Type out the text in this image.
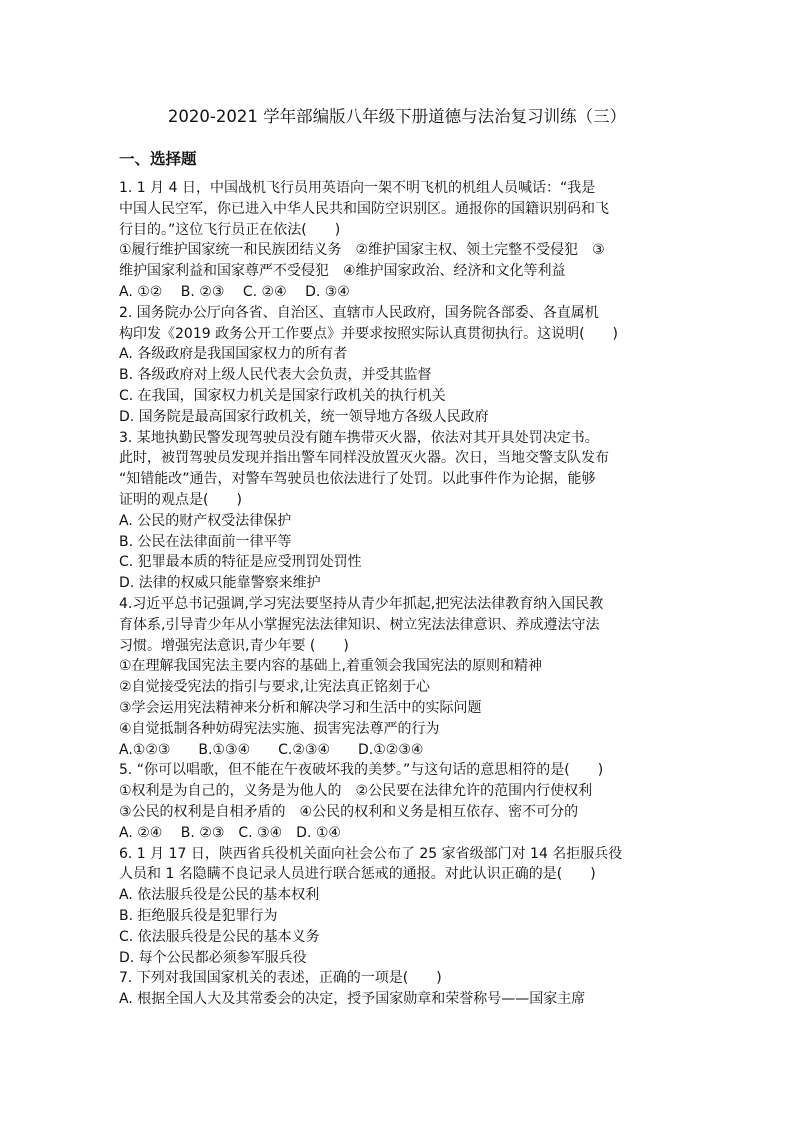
2020-2021 学年部编版八年级下册道德与法治复习训练（三）
一、选择题
1. 1 月 4 日，中国战机飞行员用英语向一架不明飞机的机组人员喊话：“我是
中国人民空军，你已进入中华人民共和国防空识别区。通报你的国籍识别码和飞
行目的。”这位飞行员正在依法(　　)
①履行维护国家统一和民族团结义务　②维护国家主权、领土完整不受侵犯　③
维护国家利益和国家尊严不受侵犯　④维护国家政治、经济和文化等利益
A. ①②　 B. ②③　 C. ②④　 D. ③④
2. 国务院办公厅向各省、自治区、直辖市人民政府，国务院各部委、各直属机
构印发《2019 政务公开工作要点》并要求按照实际认真贯彻执行。这说明(　　)
A. 各级政府是我国国家权力的所有者
B. 各级政府对上级人民代表大会负责，并受其监督
C. 在我国，国家权力机关是国家行政机关的执行机关
D. 国务院是最高国家行政机关，统一领导地方各级人民政府
3. 某地执勤民警发现驾驶员没有随车携带灭火器，依法对其开具处罚决定书。
此时，被罚驾驶员发现并指出警车同样没放置灭火器。次日，当地交警支队发布
“知错能改”通告，对警车驾驶员也依法进行了处罚。以此事件作为论据，能够
证明的观点是(　　)
A. 公民的财产权受法律保护
B. 公民在法律面前一律平等
C. 犯罪最本质的特征是应受刑罚处罚性
D. 法律的权威只能靠警察来维护
4.习近平总书记强调,学习宪法要坚持从青少年抓起,把宪法法律教育纳入国民教
育体系,引导青少年从小掌握宪法法律知识、树立宪法法律意识、养成遵法守法
习惯。增强宪法意识,青少年要 (　　)
①在理解我国宪法主要内容的基础上,着重领会我国宪法的原则和精神
②自觉接受宪法的指引与要求,让宪法真正铭刻于心
③学会运用宪法精神来分析和解决学习和生活中的实际问题
④自觉抵制各种妨碍宪法实施、损害宪法尊严的行为
A.①②③　　B.①③④　　C.②③④　　D.①②③④
5. “你可以唱歌，但不能在午夜破坏我的美梦。”与这句话的意思相符的是(　　)
①权利是为自己的，义务是为他人的　②公民要在法律允许的范围内行使权利
③公民的权利是自相矛盾的　④公民的权利和义务是相互依存、密不可分的
A. ②④　 B. ②③　C. ③④　D. ①④
6. 1 月 17 日，陕西省兵役机关面向社会公布了 25 家省级部门对 14 名拒服兵役
人员和 1 名隐瞒不良记录人员进行联合惩戒的通报。对此认识正确的是(　　)
A. 依法服兵役是公民的基本权利
B. 拒绝服兵役是犯罪行为
C. 依法服兵役是公民的基本义务
D. 每个公民都必须参军服兵役
7. 下列对我国国家机关的表述，正确的一项是(　　)
A. 根据全国人大及其常委会的决定，授予国家勋章和荣誉称号——国家主席
